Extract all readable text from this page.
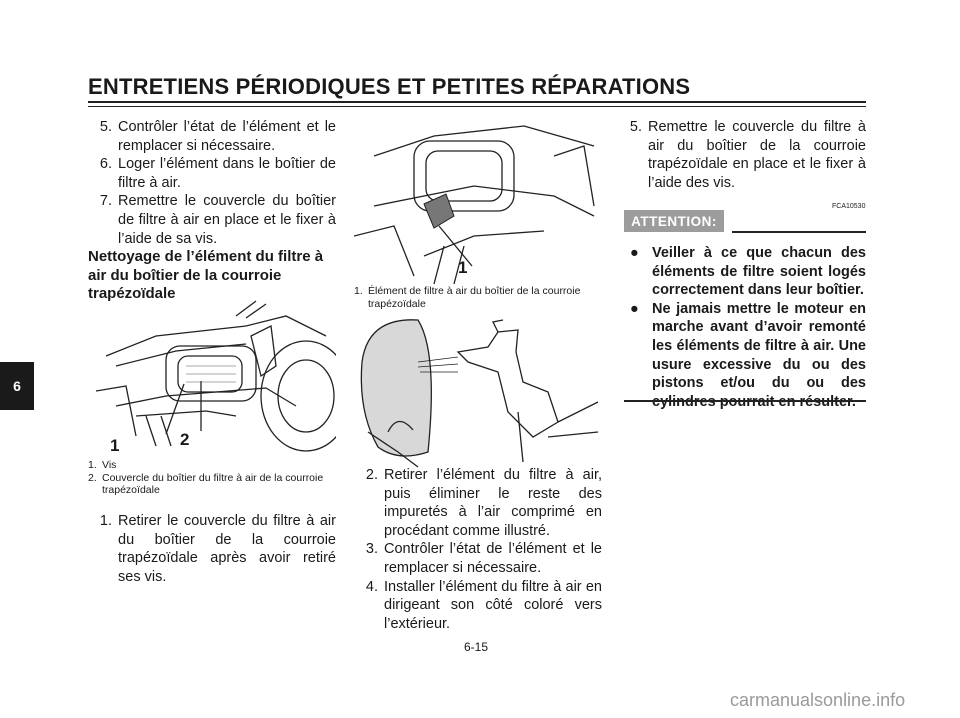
ENTRETIENS PÉRIODIQUES ET PETITES RÉPARATIONS
6
5. Contrôler l’état de l’élément et le remplacer si nécessaire.
6. Loger l’élément dans le boîtier de filtre à air.
7. Remettre le couvercle du boîtier de filtre à air en place et le fixer à l’aide de sa vis.
Nettoyage de l’élément du filtre à air du boîtier de la courroie trapézoïdale
1	2
1. Vis
2. Couvercle du boîtier du filtre à air de la courroie trapézoïdale
1. Retirer le couvercle du filtre à air du boîtier de la courroie trapézoïdale après avoir retiré ses vis.
1
1. Élément de filtre à air du boîtier de la courroie trapézoïdale
2. Retirer l’élément du filtre à air, puis éliminer le reste des impuretés à l’air comprimé en procédant comme illustré.
3. Contrôler l’état de l’élément et le remplacer si nécessaire.
4. Installer l’élément du filtre à air en dirigeant son côté coloré vers l’extérieur.
5. Remettre le couvercle du filtre à air du boîtier de la courroie trapézoïdale en place et le fixer à l’aide des vis.
FCA10530
ATTENTION:
● Veiller à ce que chacun des éléments de filtre soient logés correctement dans leur boîtier.
● Ne jamais mettre le moteur en marche avant d’avoir remonté les éléments de filtre à air. Une usure excessive du ou des pistons et/ou du ou des
6-15
carmanualsonline.info
